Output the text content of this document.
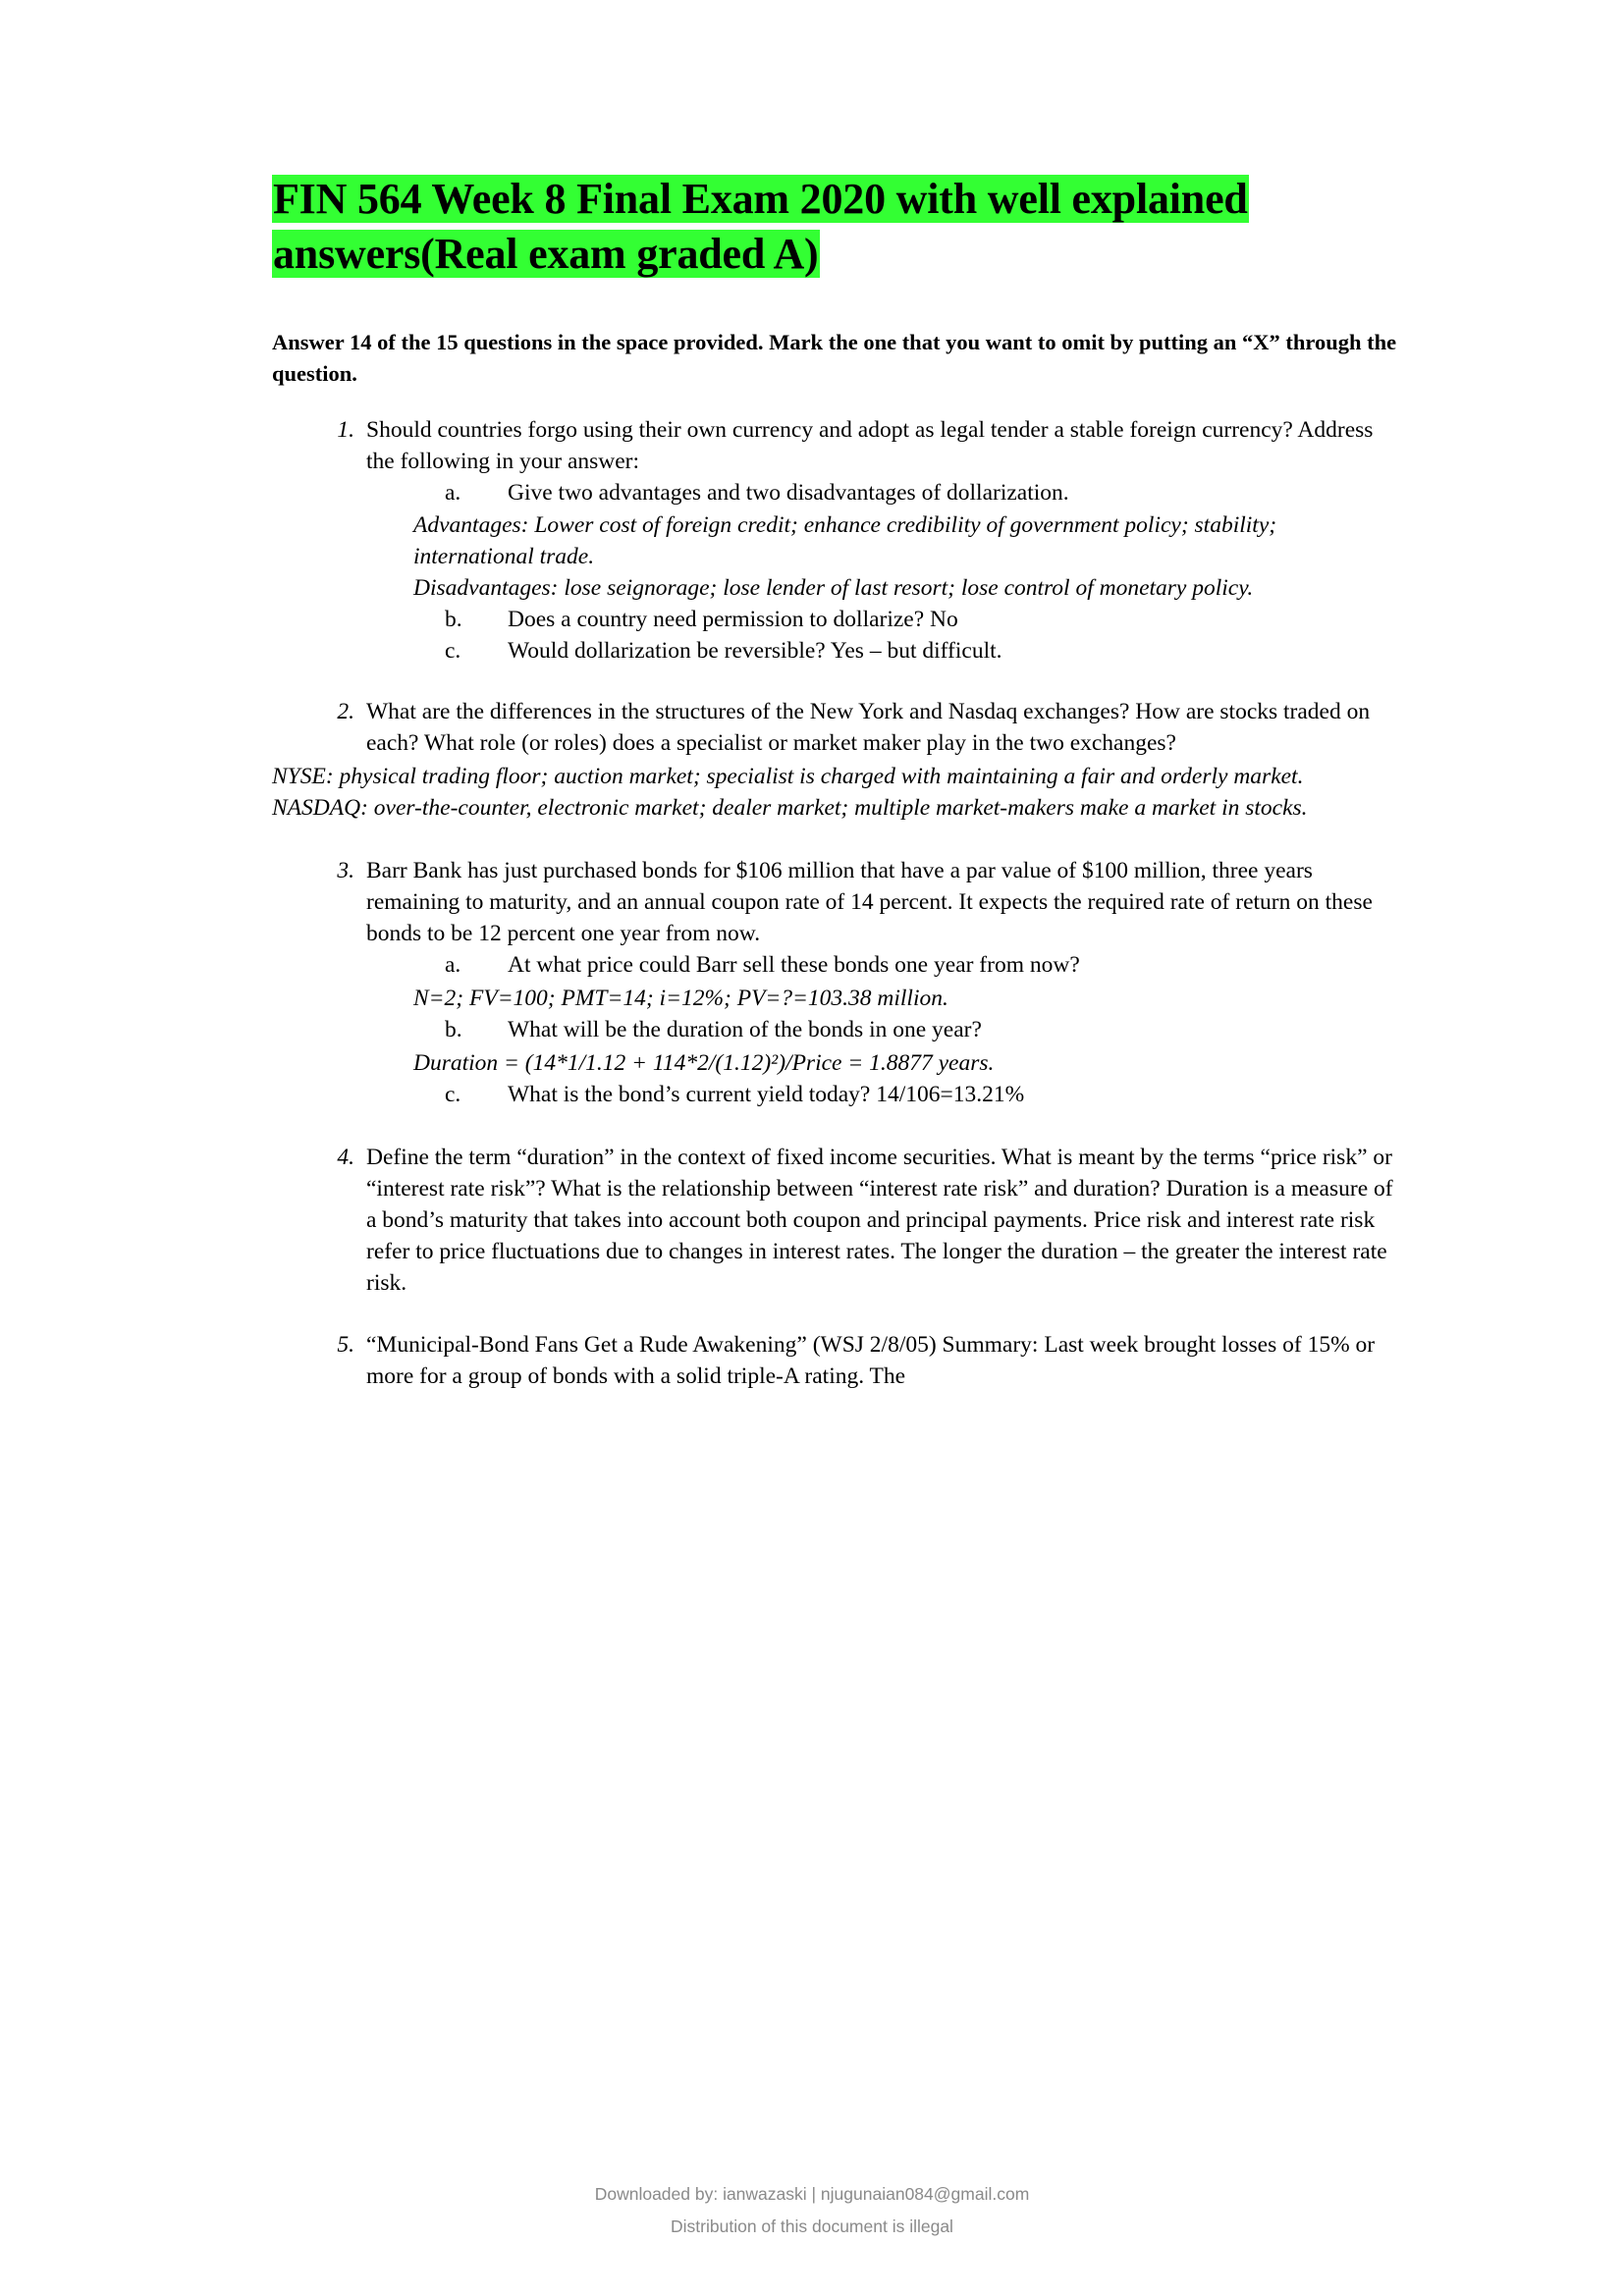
FIN 564 Week 8 Final Exam 2020 with well explained answers(Real exam graded A)

Answer 14 of the 15 questions in the space provided. Mark the one that you want to omit by putting an “X” through the question.

1. Should countries forgo using their own currency and adopt as legal tender a stable foreign currency? Address the following in your answer:
a.	Give two advantages and two disadvantages of dollarization.
Advantages: Lower cost of foreign credit; enhance credibility of government policy; stability; international trade.
Disadvantages: lose seignorage; lose lender of last resort; lose control of monetary policy.
b.	Does a country need permission to dollarize? No
c.	Would dollarization be reversible? Yes – but difficult.
2. What are the differences in the structures of the New York and Nasdaq exchanges? How are stocks traded on each? What role (or roles) does a specialist or market maker play in the two exchanges?
NYSE: physical trading floor; auction market; specialist is charged with maintaining a fair and orderly market.
NASDAQ: over-the-counter, electronic market; dealer market; multiple market-makers make a market in stocks.
3. Barr Bank has just purchased bonds for $106 million that have a par value of $100 million, three years remaining to maturity, and an annual coupon rate of 14 percent. It expects the required rate of return on these bonds to be 12 percent one year from now.
a.	At what price could Barr sell these bonds one year from now?
N=2; FV=100; PMT=14; i=12%; PV=?=103.38 million.
b.	What will be the duration of the bonds in one year?
Duration = (14*1/1.12 + 114*2/(1.12)²)/Price = 1.8877 years.
c.	What is the bond’s current yield today? 14/106=13.21%
4. Define the term “duration” in the context of fixed income securities. What is meant by the terms “price risk” or “interest rate risk”? What is the relationship between “interest rate risk” and duration? Duration is a measure of a bond’s maturity that takes into account both coupon and principal payments. Price risk and interest rate risk refer to price fluctuations due to changes in interest rates. The longer the duration – the greater the interest rate risk.
5. “Municipal-Bond Fans Get a Rude Awakening” (WSJ 2/8/05) Summary: Last week brought losses of 15% or more for a group of bonds with a solid triple-A rating. The
Downloaded by: ianwazaski | njugunaian084@gmail.com
Distribution of this document is illegal
